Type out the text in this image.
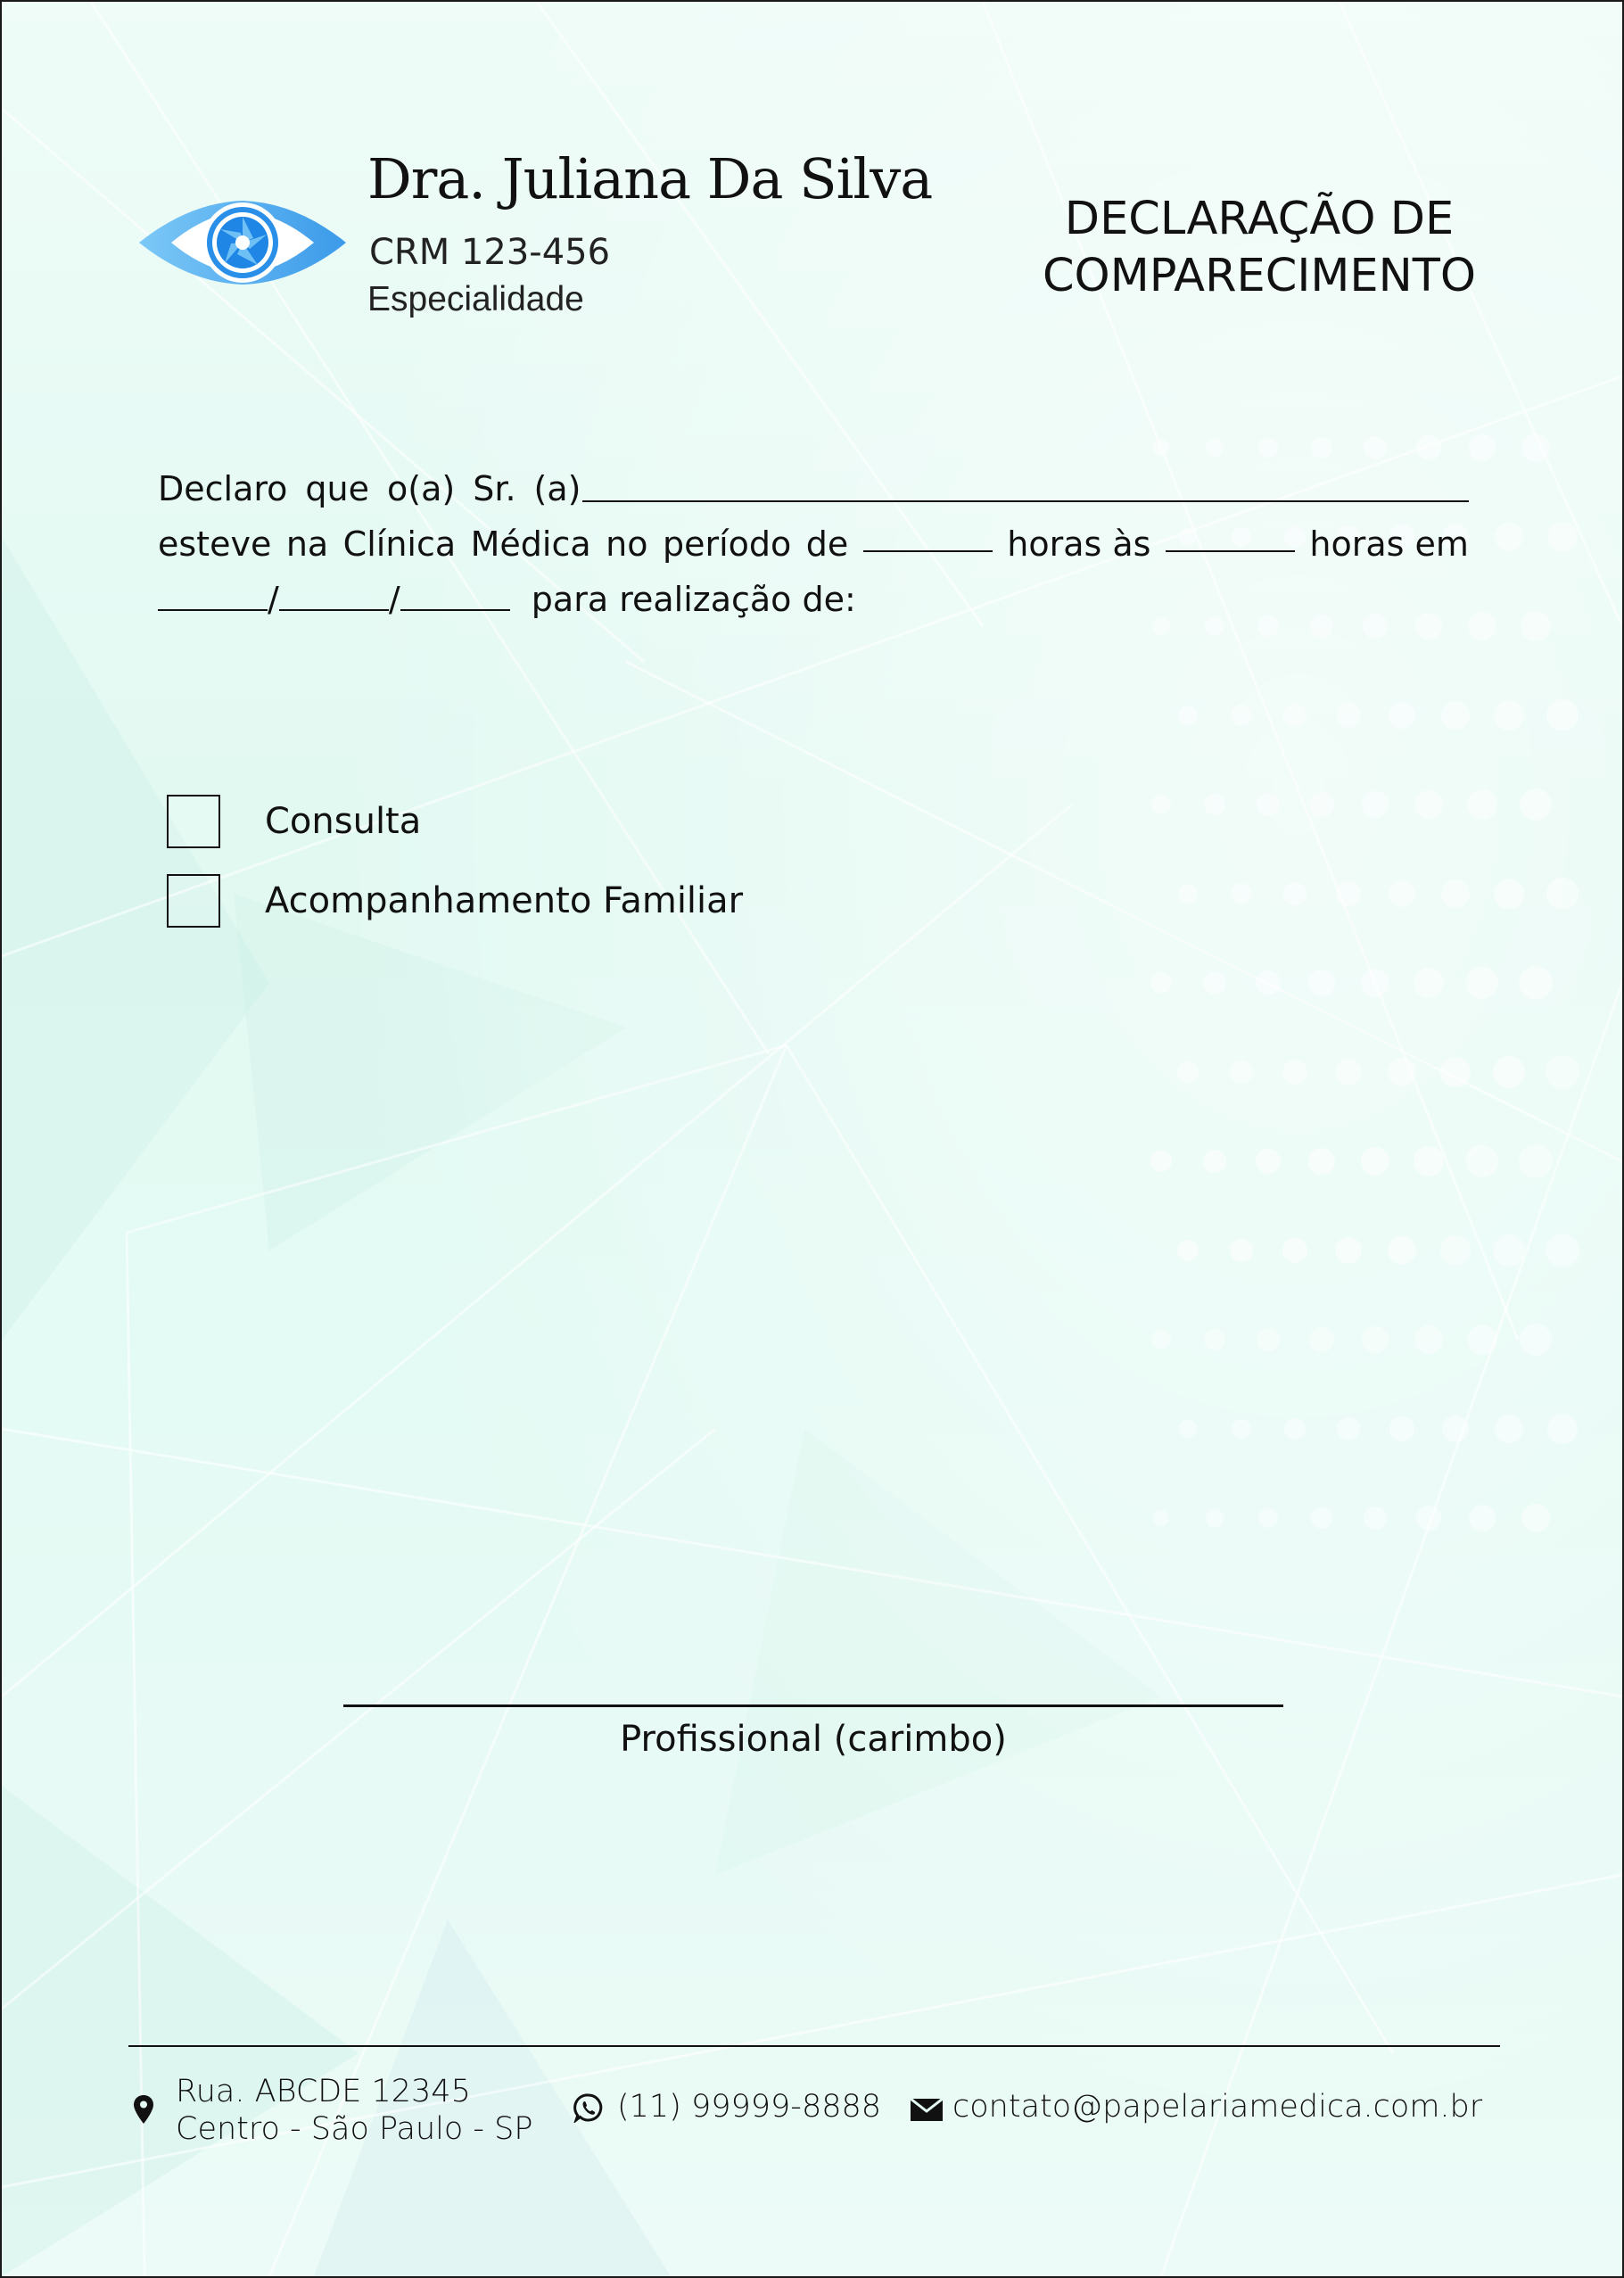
Dra. Juliana Da Silva
CRM 123-456
Especialidade
DECLARAÇÃO DE
COMPARECIMENTO
Declaro que o(a) Sr. (a)
esteve na Clínica Médica no período de	horas às	horas em
/	/	para realização de:
Consulta
Acompanhamento Familiar
Profissional (carimbo)
Rua. ABCDE 12345
Centro - São Paulo - SP
(11) 99999-8888 contato@papelariamedica.com.br
